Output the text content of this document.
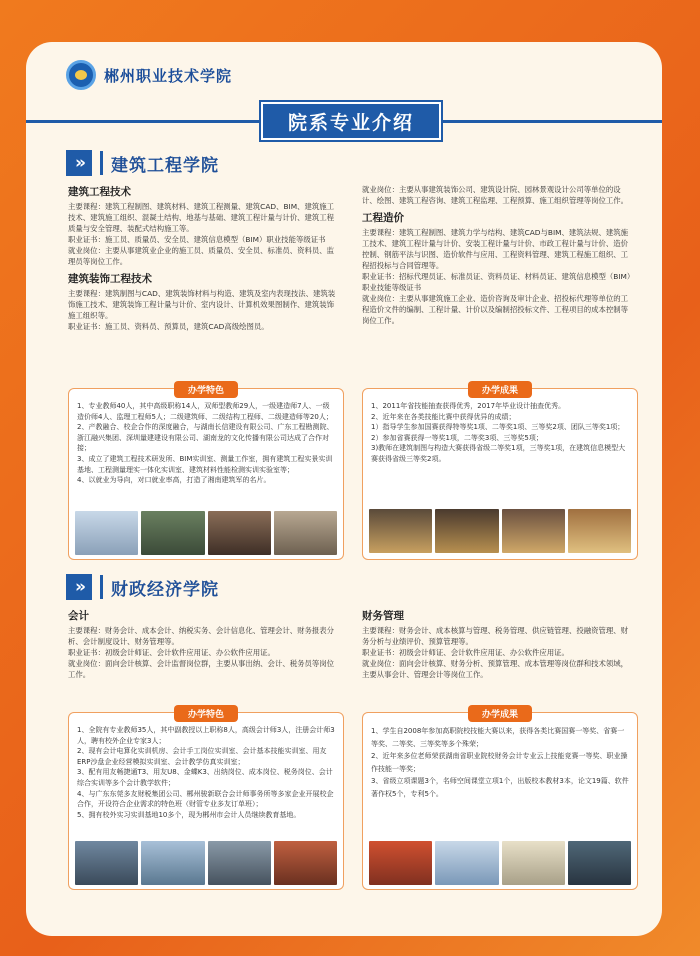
郴州职业技术学院
院系专业介绍
››	建筑工程学院
建筑工程技术
主要课程：建筑工程制图、建筑材料、建筑工程测量、建筑CAD、BIM、建筑施工技术、建筑施工组织、混凝土结构、地基与基础、建筑工程计量与计价、建筑工程质量与安全管理、装配式结构施工等。
职业证书：施工员、质量员、安全员、建筑信息模型（BIM）职业技能等级证书
就业岗位：主要从事建筑业企业的施工员、质量员、安全员、标准员、资料员、监理员等岗位工作。
建筑装饰工程技术
主要课程：建筑制图与CAD、建筑装饰材料与构造、建筑及室内表现技法、建筑装饰施工技术、建筑装饰工程计量与计价、室内设计、计算机效果图制作、建筑装饰施工组织等。
职业证书：施工员、资料员、预算员，建筑CAD高级绘图员。
就业岗位：主要从事建筑装饰公司、建筑设计院、园林景观设计公司等单位的设计、绘图、建筑工程咨询、建筑工程监理、工程预算、施工组织管理等岗位工作。
工程造价
主要课程：建筑工程制图、建筑力学与结构、建筑CAD与BIM、建筑法规、建筑施工技术、建筑工程计量与计价、安装工程计量与计价、市政工程计量与计价、造价控制、钢筋平法与识图、造价软件与应用、工程资料管理、建筑工程施工组织、工程招投标与合同管理等。
职业证书：招标代理员证、标准员证、资料员证、材料员证、建筑信息模型（BIM）职业技能等级证书
就业岗位：主要从事建筑施工企业、造价咨询及审计企业、招投标代理等单位的工程造价文件的编制、工程计量、计价以及编制招投标文件、工程项目的成本控制等岗位工作。
办学特色
1、专业教师40人，其中高级职称14人，双师型教师29人，一级建造师7人、一级造价师4人、监理工程师5人；二级建筑师、二级结构工程师、二级建造师等20人；
2、产教融合、校企合作的深度融合，与湖南长信建设有限公司、广东工程勘测院、浙江融兴集团、深圳量建建设有限公司、湖南龙的文化传播有限公司达成了合作对接；
3、成立了建筑工程技术研发所、BIM实训室、测量工作室，拥有建筑工程实景实训基地、工程测量理实一体化实训室、建筑材料性能检测实训实验室等；
4、以就业为导向，对口就业率高，打造了湘南建筑军的名片。
办学成果
1、2011年省技能抽查获得优秀，2017年毕业设计抽查优秀。
2、近年来在各类技能比赛中获得优异的成绩；
1）指导学生参加国赛获得特等奖1项、二等奖1项、三等奖2项、团队三等奖1项；
2）参加省赛获得一等奖1项，二等奖3项、三等奖5项；
3)教师在建筑制图与构造大赛获得省级二等奖1项，三等奖1项，在建筑信息模型大赛获得省级三等奖2项。
››	财政经济学院
会计
主要课程：财务会计、成本会计、纳税实务、会计信息化、管理会计、财务报表分析、会计制度设计、财务管理等。
职业证书：初级会计师证、会计软件应用证、办公软件应用证。
就业岗位：面向会计核算、会计监督岗位群，主要从事出纳、会计、税务员等岗位工作。
财务管理
主要课程：财务会计、成本核算与管理、税务管理、供应链管理、投融资管理、财务分析与业绩评价、预算管理等。
职业证书：初级会计师证、会计软件应用证、办公软件应用证。
就业岗位：面向会计核算、财务分析、预算管理、成本管理等岗位群和技术领域，主要从事会计、管理会计等岗位工作。
办学特色
1、全院有专业教师35人，其中副教授以上职称8人，高级会计师3人，注册会计师3人，聘有校外企业专家3人；
2、现有会计电算化实训机房、会计手工岗位实训室、会计基本技能实训室、用友ERP沙盘企业经营模拟实训室、会计教学仿真实训室；
3、配有用友畅捷通T3、用友U8、金蝶K3、出纳岗位、成本岗位、税务岗位、会计综合实训等多个会计教学软件；
4、与广东东莞多友财税集团公司、郴州骏新联合会计师事务所等多家企业开展校企合作，开设符合企业需求的特色班（财管专业多友订单班）；
5、拥有校外实习实训基地10多个，现为郴州市会计人员继续教育基地。
办学成果
1、学生自2008年参加高职院校技能大赛以来，获得各类比赛国赛一等奖、省赛一等奖、二等奖、三等奖等多个殊荣；
2、近年来多位老师荣获湖南省职业院校财务会计专业云上技能竞赛一等奖、职业操作技能一等奖；
3、省级立项课题3个，名师空间课堂立项1个，出版校本教材3本，论文19篇、软件著作权5个，专利5个。
